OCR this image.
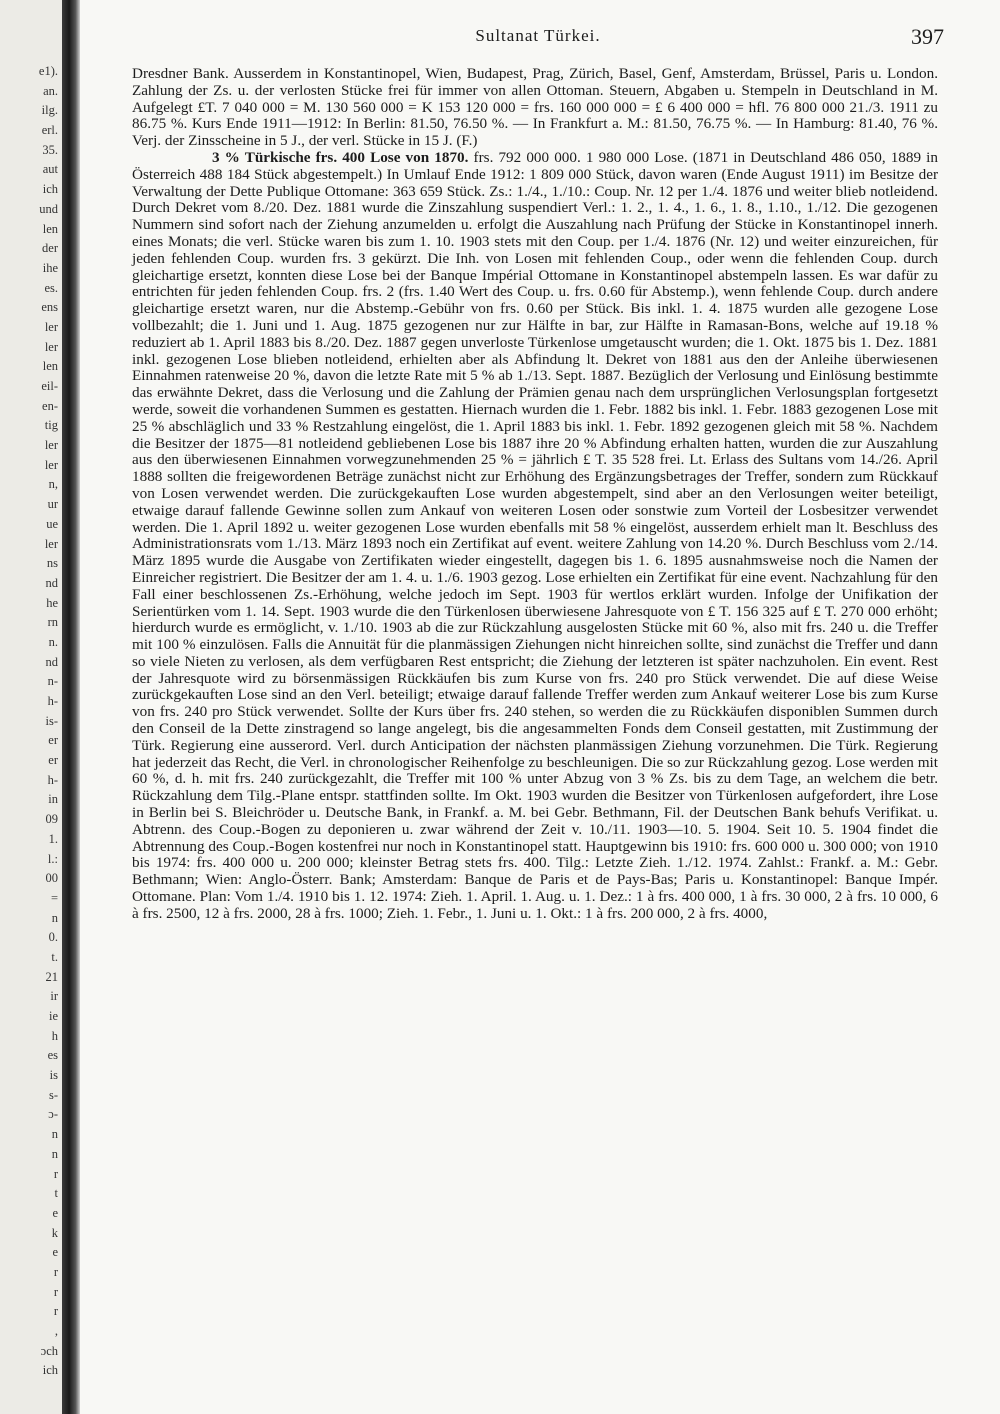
e1).
an.
ilg.
erl.
35.
aut
ich
und
len
der
ihe
es.
ens
ler
ler
len
eil-
en-
tig
ler
ler
n,
ur
ue
ler
ns
nd
he
rn
n.
nd
n-
h-
is-
er
er
h-
in
09
1.
l.:
00
=
n
0.
t.
21
ir
ie
h
es
is
s-
ɔ-
n
n
r
t
e
k
e
r
r
r
,
ɔch
ich
Sultanat Türkei.	397

Dresdner Bank. Ausserdem in Konstantinopel, Wien, Budapest, Prag, Zürich, Basel, Genf, Amsterdam, Brüssel, Paris u. London. Zahlung der Zs. u. der verlosten Stücke frei für immer von allen Ottoman. Steuern, Abgaben u. Stempeln in Deutschland in M. Aufgelegt £T. 7 040 000 = M. 130 560 000 = K 153 120 000 = frs. 160 000 000 = £ 6 400 000 = hfl. 76 800 000 21./3. 1911 zu 86.75 %. Kurs Ende 1911—1912: In Berlin: 81.50, 76.50 %. — In Frankfurt a. M.: 81.50, 76.75 %. — In Hamburg: 81.40, 76 %. Verj. der Zinsscheine in 5 J., der verl. Stücke in 15 J. (F.)

3 % Türkische frs. 400 Lose von 1870. frs. 792 000 000. 1 980 000 Lose. (1871 in Deutschland 486 050, 1889 in Österreich 488 184 Stück abgestempelt.) In Umlauf Ende 1912: 1 809 000 Stück, davon waren (Ende August 1911) im Besitze der Verwaltung der Dette Publique Ottomane: 363 659 Stück. Zs.: 1./4., 1./10.: Coup. Nr. 12 per 1./4. 1876 und weiter blieb notleidend. Durch Dekret vom 8./20. Dez. 1881 wurde die Zinszahlung suspendiert Verl.: 1. 2., 1. 4., 1. 6., 1. 8., 1.10., 1./12. Die gezogenen Nummern sind sofort nach der Ziehung anzumelden u. erfolgt die Auszahlung nach Prüfung der Stücke in Konstantinopel innerh. eines Monats; die verl. Stücke waren bis zum 1. 10. 1903 stets mit den Coup. per 1./4. 1876 (Nr. 12) und weiter einzureichen, für jeden fehlenden Coup. wurden frs. 3 gekürzt. Die Inh. von Losen mit fehlenden Coup., oder wenn die fehlenden Coup. durch gleichartige ersetzt, konnten diese Lose bei der Banque Impérial Ottomane in Konstantinopel abstempeln lassen. Es war dafür zu entrichten für jeden fehlenden Coup. frs. 2 (frs. 1.40 Wert des Coup. u. frs. 0.60 für Abstemp.), wenn fehlende Coup. durch andere gleichartige ersetzt waren, nur die Abstemp.-Gebühr von frs. 0.60 per Stück. Bis inkl. 1. 4. 1875 wurden alle gezogene Lose vollbezahlt; die 1. Juni und 1. Aug. 1875 gezogenen nur zur Hälfte in bar, zur Hälfte in Ramasan-Bons, welche auf 19.18 % reduziert ab 1. April 1883 bis 8./20. Dez. 1887 gegen unverloste Türkenlose umgetauscht wurden; die 1. Okt. 1875 bis 1. Dez. 1881 inkl. gezogenen Lose blieben notleidend, erhielten aber als Abfindung lt. Dekret von 1881 aus den der Anleihe überwiesenen Einnahmen ratenweise 20 %, davon die letzte Rate mit 5 % ab 1./13. Sept. 1887. Bezüglich der Verlosung und Einlösung bestimmte das erwähnte Dekret, dass die Verlosung und die Zahlung der Prämien genau nach dem ursprünglichen Verlosungsplan fortgesetzt werde, soweit die vorhandenen Summen es gestatten. Hiernach wurden die 1. Febr. 1882 bis inkl. 1. Febr. 1883 gezogenen Lose mit 25 % abschläglich und 33 % Restzahlung eingelöst, die 1. April 1883 bis inkl. 1. Febr. 1892 gezogenen gleich mit 58 %. Nachdem die Besitzer der 1875—81 notleidend gebliebenen Lose bis 1887 ihre 20 % Abfindung erhalten hatten, wurden die zur Auszahlung aus den überwiesenen Einnahmen vorwegzunehmenden 25 % = jährlich £ T. 35 528 frei. Lt. Erlass des Sultans vom 14./26. April 1888 sollten die freigewordenen Beträge zunächst nicht zur Erhöhung des Ergänzungsbetrages der Treffer, sondern zum Rückkauf von Losen verwendet werden. Die zurückgekauften Lose wurden abgestempelt, sind aber an den Verlosungen weiter beteiligt, etwaige darauf fallende Gewinne sollen zum Ankauf von weiteren Losen oder sonstwie zum Vorteil der Losbesitzer verwendet werden. Die 1. April 1892 u. weiter gezogenen Lose wurden ebenfalls mit 58 % eingelöst, ausserdem erhielt man lt. Beschluss des Administrationsrats vom 1./13. März 1893 noch ein Zertifikat auf event. weitere Zahlung von 14.20 %. Durch Beschluss vom 2./14. März 1895 wurde die Ausgabe von Zertifikaten wieder eingestellt, dagegen bis 1. 6. 1895 ausnahmsweise noch die Namen der Einreicher registriert. Die Besitzer der am 1. 4. u. 1./6. 1903 gezog. Lose erhielten ein Zertifikat für eine event. Nachzahlung für den Fall einer beschlossenen Zs.-Erhöhung, welche jedoch im Sept. 1903 für wertlos erklärt wurden. Infolge der Unifikation der Serientürken vom 1. 14. Sept. 1903 wurde die den Türkenlosen überwiesene Jahresquote von £ T. 156 325 auf £ T. 270 000 erhöht; hierdurch wurde es ermöglicht, v. 1./10. 1903 ab die zur Rückzahlung ausgelosten Stücke mit 60 %, also mit frs. 240 u. die Treffer mit 100 % einzulösen. Falls die Annuität für die planmässigen Ziehungen nicht hinreichen sollte, sind zunächst die Treffer und dann so viele Nieten zu verlosen, als dem verfügbaren Rest entspricht; die Ziehung der letzteren ist später nachzuholen. Ein event. Rest der Jahresquote wird zu börsenmässigen Rückkäufen bis zum Kurse von frs. 240 pro Stück verwendet. Die auf diese Weise zurückgekauften Lose sind an den Verl. beteiligt; etwaige darauf fallende Treffer werden zum Ankauf weiterer Lose bis zum Kurse von frs. 240 pro Stück verwendet. Sollte der Kurs über frs. 240 stehen, so werden die zu Rückkäufen disponiblen Summen durch den Conseil de la Dette zinstragend so lange angelegt, bis die angesammelten Fonds dem Conseil gestatten, mit Zustimmung der Türk. Regierung eine ausserord. Verl. durch Anticipation der nächsten planmässigen Ziehung vorzunehmen. Die Türk. Regierung hat jederzeit das Recht, die Verl. in chronologischer Reihenfolge zu beschleunigen. Die so zur Rückzahlung gezog. Lose werden mit 60 %, d. h. mit frs. 240 zurückgezahlt, die Treffer mit 100 % unter Abzug von 3 % Zs. bis zu dem Tage, an welchem die betr. Rückzahlung dem Tilg.-Plane entspr. stattfinden sollte. Im Okt. 1903 wurden die Besitzer von Türkenlosen aufgefordert, ihre Lose in Berlin bei S. Bleichröder u. Deutsche Bank, in Frankf. a. M. bei Gebr. Bethmann, Fil. der Deutschen Bank behufs Verifikat. u. Abtrenn. des Coup.-Bogen zu deponieren u. zwar während der Zeit v. 10./11. 1903—10. 5. 1904. Seit 10. 5. 1904 findet die Abtrennung des Coup.-Bogen kostenfrei nur noch in Konstantinopel statt. Hauptgewinn bis 1910: frs. 600 000 u. 300 000; von 1910 bis 1974: frs. 400 000 u. 200 000; kleinster Betrag stets frs. 400. Tilg.: Letzte Zieh. 1./12. 1974. Zahlst.: Frankf. a. M.: Gebr. Bethmann; Wien: Anglo-Österr. Bank; Amsterdam: Banque de Paris et de Pays-Bas; Paris u. Konstantinopel: Banque Impér. Ottomane. Plan: Vom 1./4. 1910 bis 1. 12. 1974: Zieh. 1. April. 1. Aug. u. 1. Dez.: 1 à frs. 400 000, 1 à frs. 30 000, 2 à frs. 10 000, 6 à frs. 2500, 12 à frs. 2000, 28 à frs. 1000; Zieh. 1. Febr., 1. Juni u. 1. Okt.: 1 à frs. 200 000, 2 à frs. 4000,
